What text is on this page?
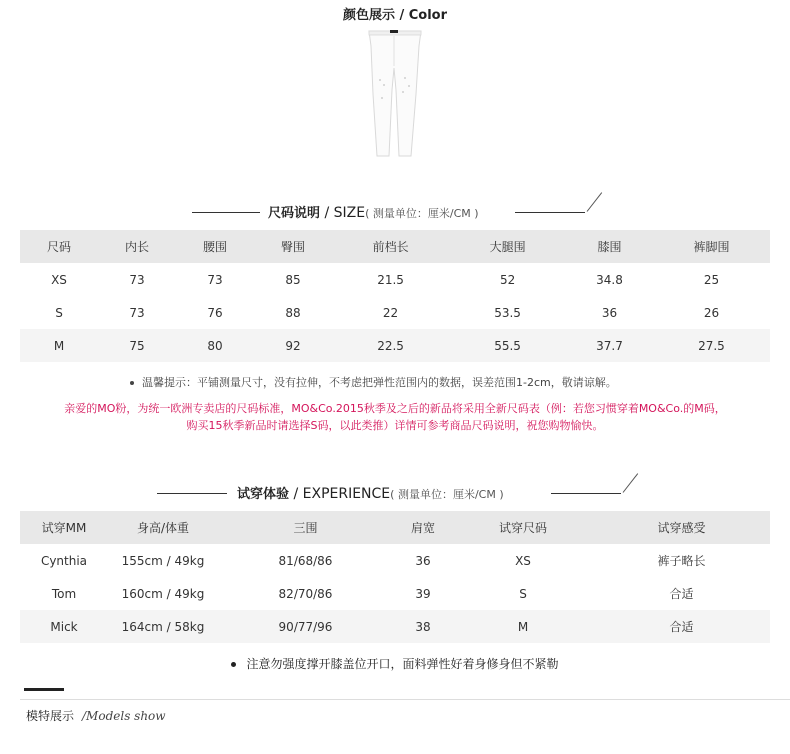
颜色展示 / Color
尺码说明 / SIZE( 测量单位：厘米/CM )
尺码	内长	腰围	臀围	前档长	大腿围	膝围	裤脚围
XS	73	73	85	21.5	52	34.8	25
S	73	76	88	22	53.5	36	26
M	75	80	92	22.5	55.5	37.7	27.5
温馨提示：平铺测量尺寸，没有拉伸，不考虑把弹性范围内的数据，误差范围1-2cm，敬请谅解。
亲爱的MO粉，为统一欧洲专卖店的尺码标准，MO&Co.2015秋季及之后的新品将采用全新尺码表（例：若您习惯穿着MO&Co.的M码，
购买15秋季新品时请选择S码，以此类推）详情可参考商品尺码说明，祝您购物愉快。
试穿体验 / EXPERIENCE( 测量单位：厘米/CM )
试穿MM	身高/体重	三围	肩宽	试穿尺码	试穿感受
Cynthia	155cm / 49kg	81/68/86	36	XS	裤子略长
Tom	160cm / 49kg	82/70/86	39	S	合适
Mick	164cm / 58kg	90/77/96	38	M	合适
注意勿强度撑开膝盖位开口，面料弹性好着身修身但不紧勒
模特展示 /Models show
